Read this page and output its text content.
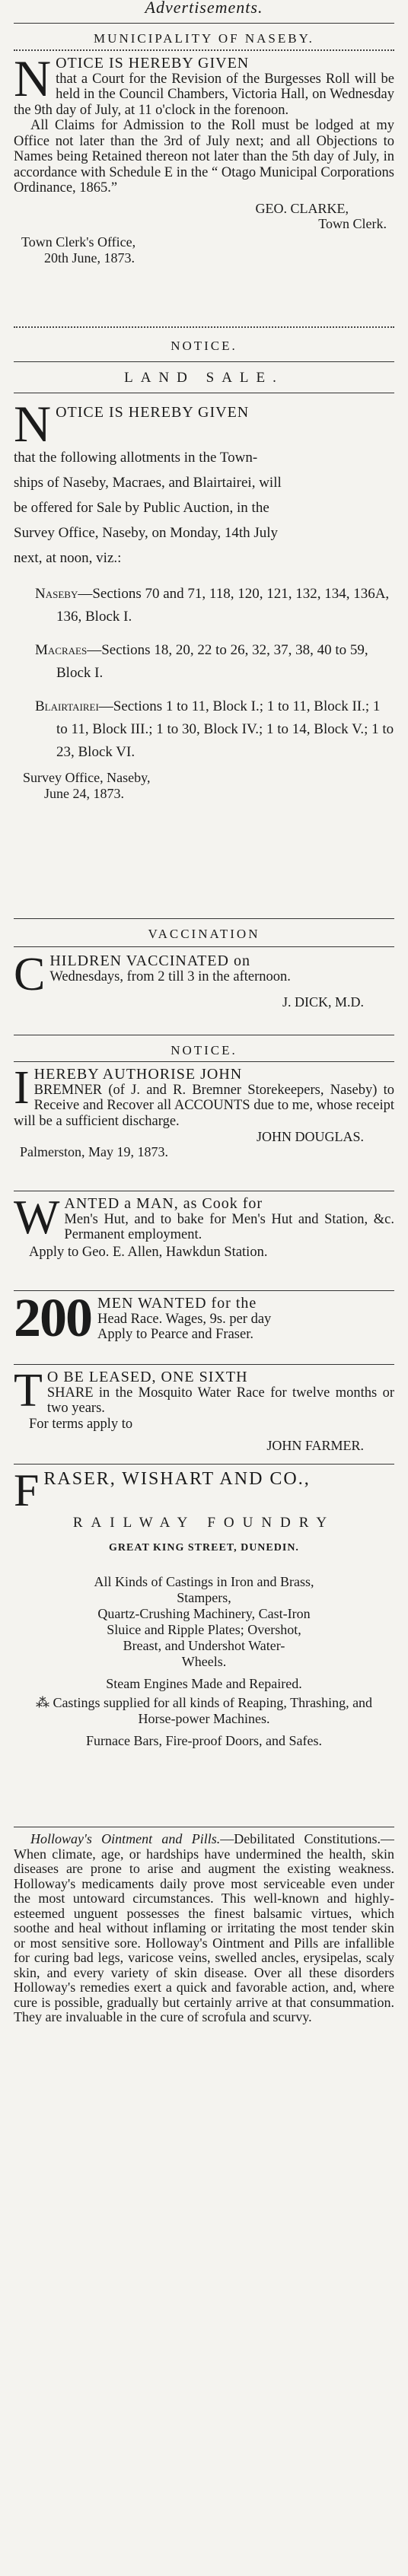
Advertisements.
MUNICIPALITY OF NASEBY.
N OTICE IS HEREBY GIVEN

that a Court for the Revision of the Burgesses Roll will be held in the Council Chambers, Victoria Hall, on Wednesday the 9th day of July, at 11 o'clock in the forenoon.

All Claims for Admission to the Roll must be lodged at my Office not later than the 3rd of July next; and all Objections to Names being Retained thereon not later than the 5th day of July, in accordance with Schedule E in the “ Otago Municipal Corporations Ordinance, 1865.”

GEO. CLARKE,
Town Clerk.
Town Clerk's Office,
20th June, 1873.
NOTICE.
LAND SALE.
N OTICE IS HEREBY GIVEN
that the following allotments in the Town-
ships of Naseby, Macraes, and Blairtairei, will
be offered for Sale by Public Auction, in the
Survey Office, Naseby, on Monday, 14th July
next, at noon, viz.:
Naseby—Sections 70 and 71, 118, 120, 121, 132, 134, 136A, 136, Block I.
Macraes—Sections 18, 20, 22 to 26, 32, 37, 38, 40 to 59, Block I.
Blairtairei—Sections 1 to 11, Block I.; 1 to 11, Block II.; 1 to 11, Block III.; 1 to 30, Block IV.; 1 to 14, Block V.; 1 to 23, Block VI.
Survey Office, Naseby,
June 24, 1873.
VACCINATION
C HILDREN VACCINATED on

Wednesdays, from 2 till 3 in the afternoon.

J. DICK, M.D.
NOTICE.
I HEREBY AUTHORISE JOHN

BREMNER (of J. and R. Bremner Storekeepers, Naseby) to Receive and Recover all ACCOUNTS due to me, whose receipt will be a sufficient discharge.

JOHN DOUGLAS.
Palmerston, May 19, 1873.
W ANTED a MAN, as Cook for

Men's Hut, and to bake for Men's Hut and Station, &c. Permanent employment.

Apply to Geo. E. Allen, Hawkdun Station.

200 MEN WANTED for the

Head Race. Wages, 9s. per day

Apply to Pearce and Fraser.

T O BE LEASED, ONE SIXTH

SHARE in the Mosquito Water Race for twelve months or two years.

For terms apply to

JOHN FARMER.
F RASER, WISHART AND CO.,
RAILWAY FOUNDRY
GREAT KING STREET, DUNEDIN.
All Kinds of Castings in Iron and Brass,
Stampers,
Quartz-Crushing Machinery, Cast-Iron
Sluice and Ripple Plates; Overshot,
Breast, and Undershot Water-
Wheels.
Steam Engines Made and Repaired.
⁂ Castings supplied for all kinds of Reaping, Thrashing, and Horse-power Machines.
Furnace Bars, Fire-proof Doors, and Safes.

Holloway's Ointment and Pills.—Debilitated Constitutions.—When climate, age, or hardships have undermined the health, skin diseases are prone to arise and augment the existing weakness. Holloway's medicaments daily prove most serviceable even under the most untoward circumstances. This well-known and highly-esteemed unguent possesses the finest balsamic virtues, which soothe and heal without inflaming or irritating the most tender skin or most sensitive sore. Holloway's Ointment and Pills are infallible for curing bad legs, varicose veins, swelled ancles, erysipelas, scaly skin, and every variety of skin disease. Over all these disorders Holloway's remedies exert a quick and favorable action, and, where cure is possible, gradually but certainly arrive at that consummation. They are invaluable in the cure of scrofula and scurvy.
